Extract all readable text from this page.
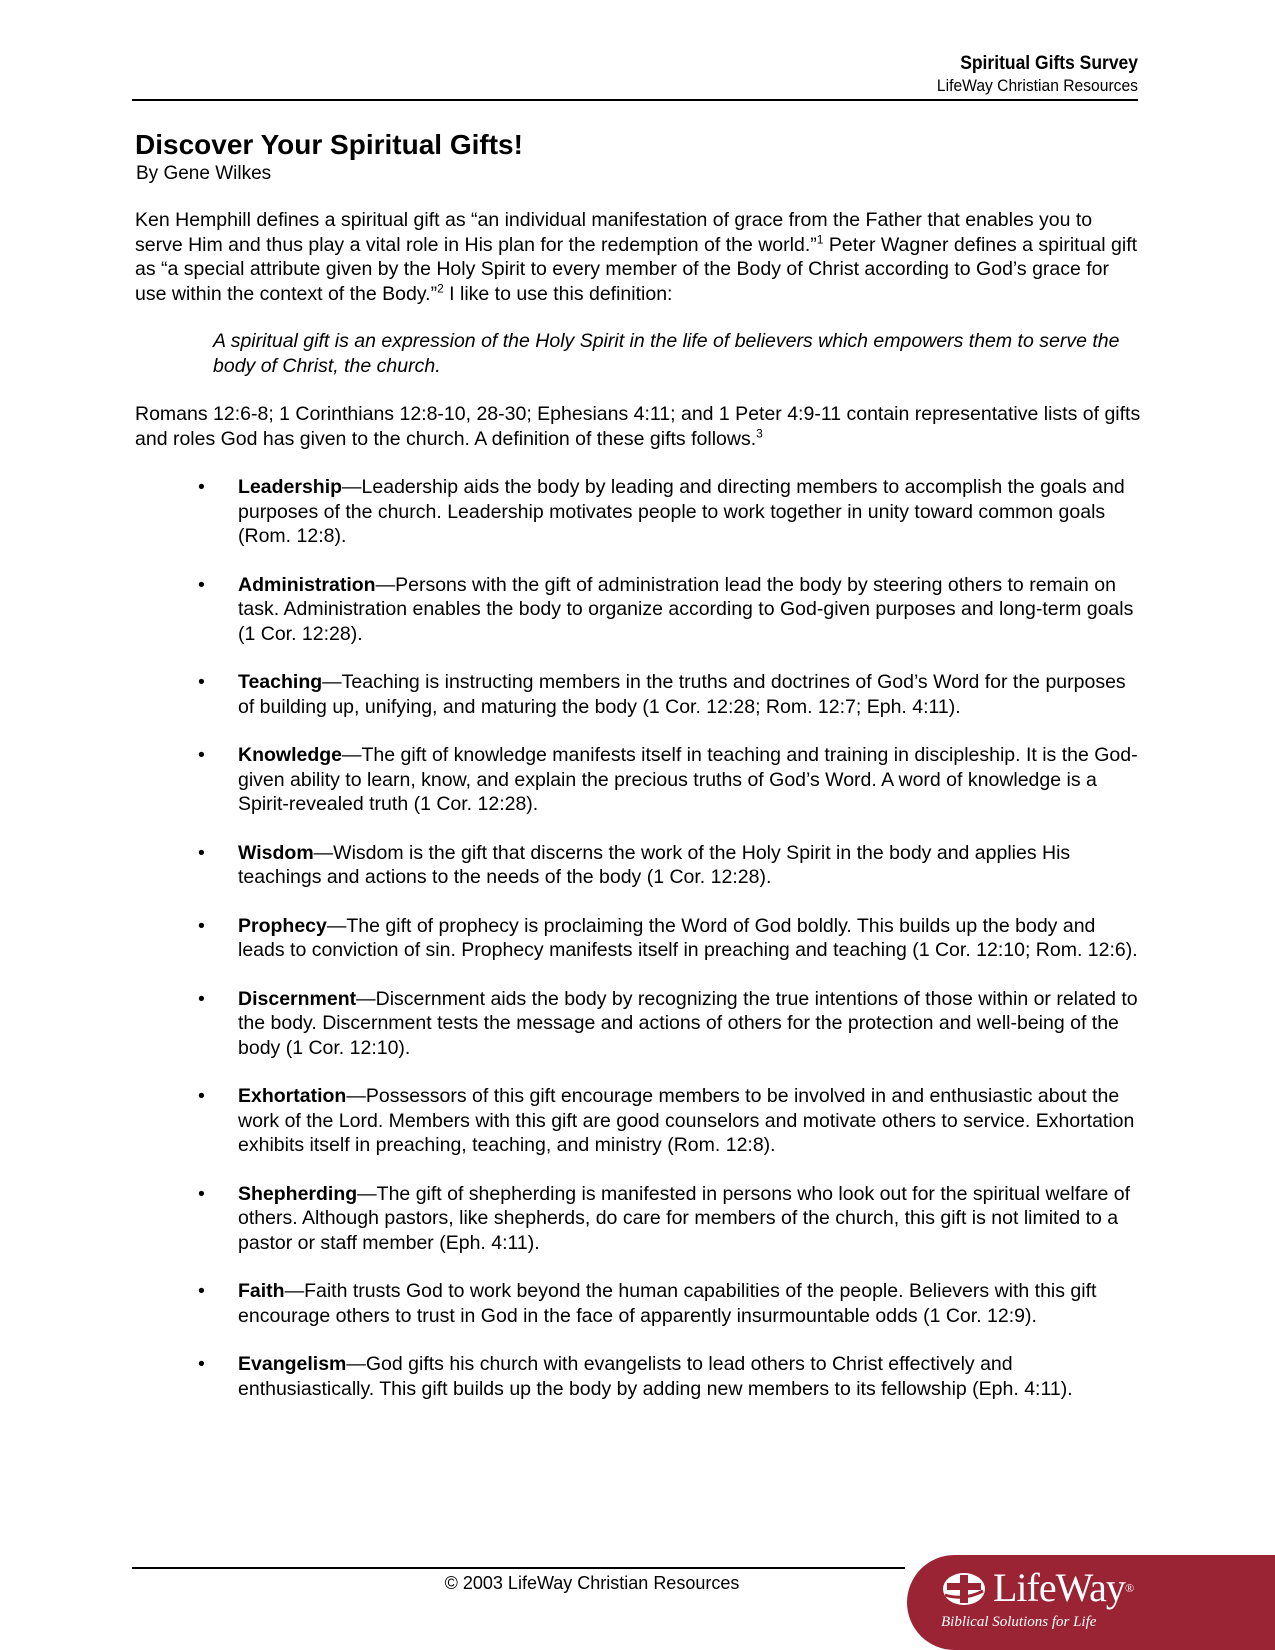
Spiritual Gifts Survey
LifeWay Christian Resources
Discover Your Spiritual Gifts!
By Gene Wilkes

Ken Hemphill defines a spiritual gift as “an individual manifestation of grace from the Father that enables you to serve Him and thus play a vital role in His plan for the redemption of the world.”$^1$ Peter Wagner defines a spiritual gift as “a special attribute given by the Holy Spirit to every member of the Body of Christ according to God’s grace for use within the context of the Body.”$^2$ I like to use this definition:

A spiritual gift is an expression of the Holy Spirit in the life of believers which empowers them to serve the body of Christ, the church.

Romans 12:6-8; 1 Corinthians 12:8-10, 28-30; Ephesians 4:11; and 1 Peter 4:9-11 contain representative lists of gifts and roles God has given to the church. A definition of these gifts follows.$^3$

• Leadership—Leadership aids the body by leading and directing members to accomplish the goals and purposes of the church. Leadership motivates people to work together in unity toward common goals (Rom. 12:8).
• Administration—Persons with the gift of administration lead the body by steering others to remain on task. Administration enables the body to organize according to God-given purposes and long-term goals (1 Cor. 12:28).
• Teaching—Teaching is instructing members in the truths and doctrines of God’s Word for the purposes of building up, unifying, and maturing the body (1 Cor. 12:28; Rom. 12:7; Eph. 4:11).
• Knowledge—The gift of knowledge manifests itself in teaching and training in discipleship. It is the God-given ability to learn, know, and explain the precious truths of God’s Word. A word of knowledge is a Spirit-revealed truth (1 Cor. 12:28).
• Wisdom—Wisdom is the gift that discerns the work of the Holy Spirit in the body and applies His teachings and actions to the needs of the body (1 Cor. 12:28).
• Prophecy—The gift of prophecy is proclaiming the Word of God boldly. This builds up the body and leads to conviction of sin. Prophecy manifests itself in preaching and teaching (1 Cor. 12:10; Rom. 12:6).
• Discernment—Discernment aids the body by recognizing the true intentions of those within or related to the body. Discernment tests the message and actions of others for the protection and well-being of the body (1 Cor. 12:10).
• Exhortation—Possessors of this gift encourage members to be involved in and enthusiastic about the work of the Lord. Members with this gift are good counselors and motivate others to service. Exhortation exhibits itself in preaching, teaching, and ministry (Rom. 12:8).
• Shepherding—The gift of shepherding is manifested in persons who look out for the spiritual welfare of others. Although pastors, like shepherds, do care for members of the church, this gift is not limited to a pastor or staff member (Eph. 4:11).
• Faith—Faith trusts God to work beyond the human capabilities of the people. Believers with this gift encourage others to trust in God in the face of apparently insurmountable odds (1 Cor. 12:9).
• Evangelism—God gifts his church with evangelists to lead others to Christ effectively and enthusiastically. This gift builds up the body by adding new members to its fellowship (Eph. 4:11).
© 2003 LifeWay Christian Resources	LifeWay®
Biblical Solutions for Life
